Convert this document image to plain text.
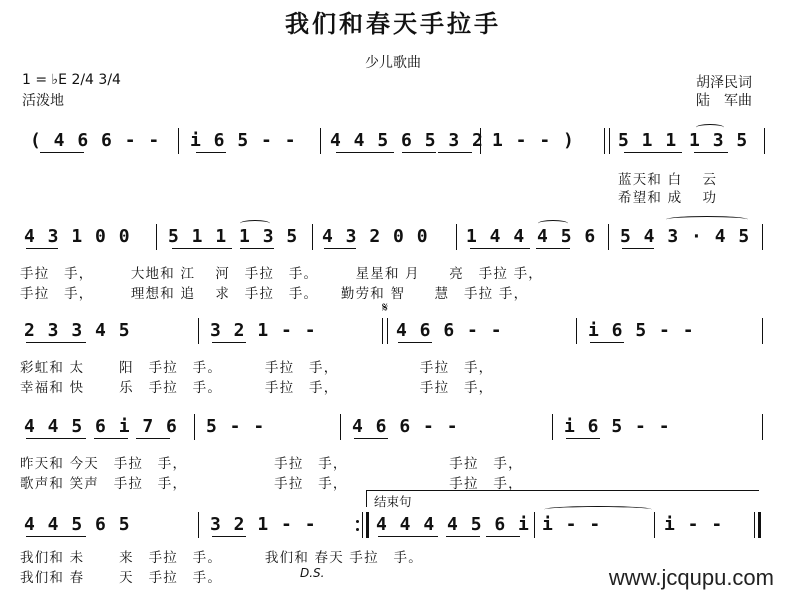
我们和春天手拉手
少儿歌曲
1 = ♭E 2/4 3/4
活泼地
胡泽民词
陆　军曲
( 4 6 6 - - i 6 5 - - 4 4 5 6 5 3 2 1 - - ) 5 1 1 1 3 5
蓝天和 白　 云
希望和 成　 功
4 3 1 0 0 5 1 1 1 3 5 4 3 2 0 0 1 4 4 4 5 6 5 4 3 · 4 5
手拉　手，　　　大地和 江　 河　手拉　手。　　　星星和 月　　亮　手拉 手，
手拉　手，　　　理想和 追　 求　手拉　手。　　勤劳和 智　　慧　手拉 手，
𝄋
2 3 3 4 5	3 2 1 - -	4 6 6 - -	i 6 5 - -
彩虹和 太　　 阳　手拉　手。　　　 手拉　手，　　　　　　手拉　手，
幸福和 快　　 乐　手拉　手。　　　 手拉　手，　　　　　　手拉　手，
4 4 5 6 i 7 6 5 - -	4 6 6 - -	i 6 5 - -
昨天和 今天　手拉　手，　　　　　　 手拉　手，　　　　　　　 手拉　手，
歌声和 笑声　手拉　手，　　　　　　 手拉　手，　　　　　　　 手拉　手，
结束句
4 4 5 6 5	3 2 1 - -	4 4 4 4 5 6 i i - -	i - -
我们和 未　　 来　手拉　手。　　　 我们和 春天 手拉　手。
我们和 春　　 天　手拉　手。	D.S.	www.jcqupu.com
